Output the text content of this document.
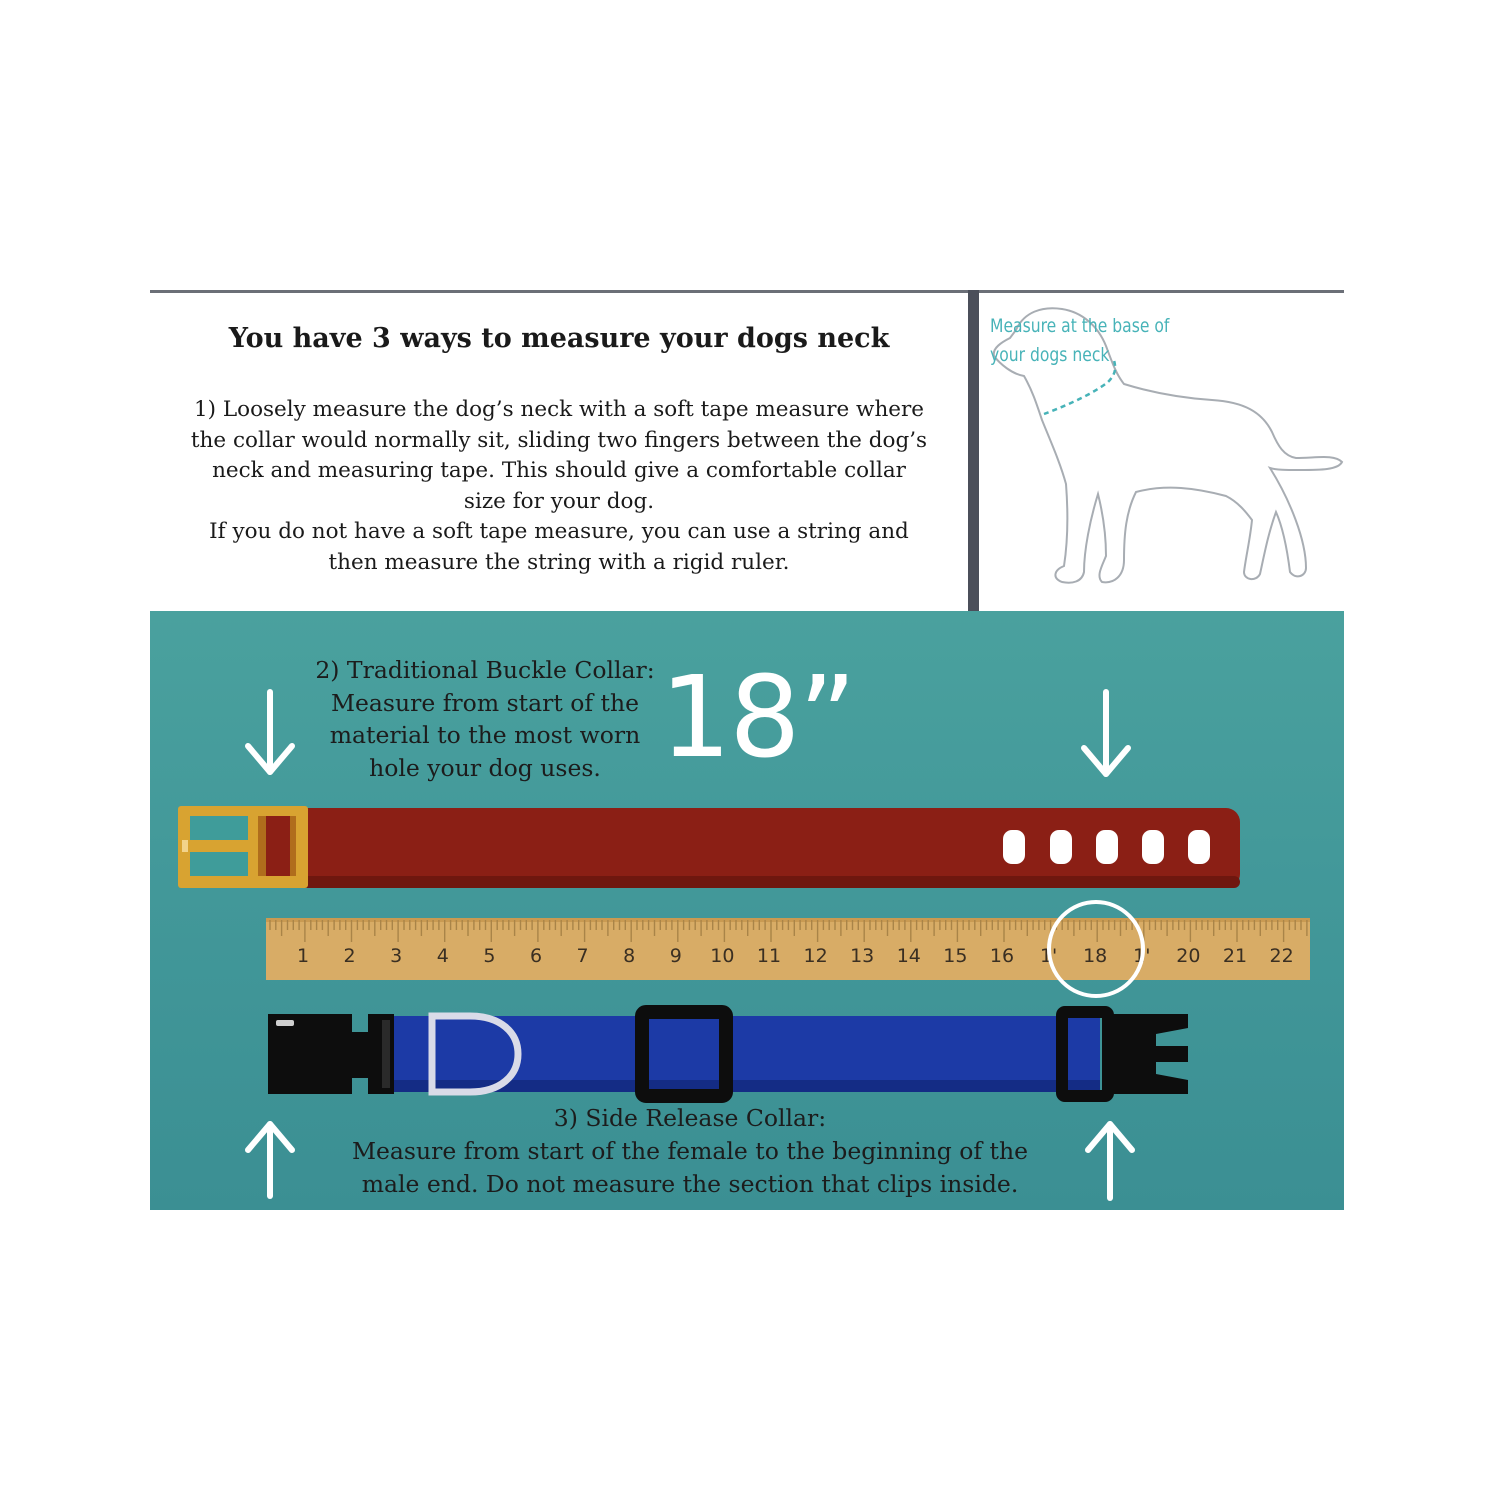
You have 3 ways to measure your dogs neck
1) Loosely measure the dog’s neck with a soft tape measure where
the collar would normally sit, sliding two fingers between the dog’s
neck and measuring tape. This should give a comfortable collar
size for your dog.
If you do not have a soft tape measure, you can use a string and
then measure the string with a rigid ruler.
Measure at the base of
your dogs neck
2) Traditional Buckle Collar:
Measure from start of the
material to the most worn
hole your dog uses. 18”
1 2 3 4 5 6 7 8 9 10 11 12 13 14 15 16 1' 18 1' 20 21 22
3) Side Release Collar:
Measure from start of the female to the beginning of the
male end. Do not measure the section that clips inside.
